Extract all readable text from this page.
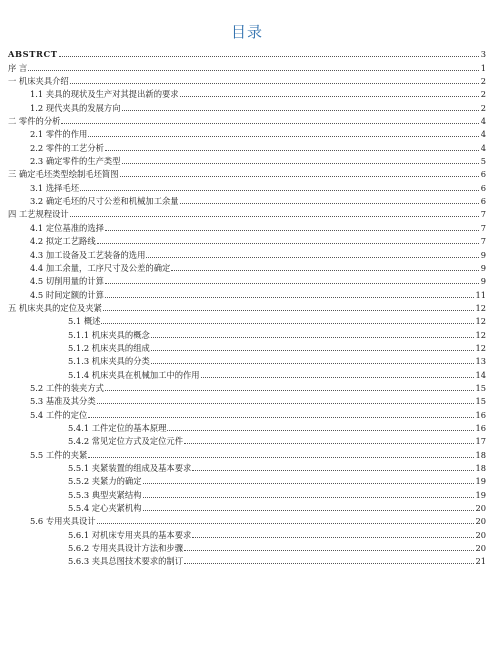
目录
ABSTRCT	3
序 言	1
一 机床夹具介绍	2
1.1 夹具的现状及生产对其提出新的要求	2
1.2 现代夹具的发展方向	2
二 零件的分析	4
2.1 零件的作用	4
2.2 零件的工艺分析	4
2.3 确定零件的生产类型	5
三 确定毛坯类型绘制毛坯简图	6
3.1 选择毛坯	6
3.2 确定毛坯的尺寸公差和机械加工余量	6
四 工艺规程设计	7
4.1 定位基准的选择	7
4.2 拟定工艺路线	7
4.3 加工设备及工艺装备的选用	9
4.4 加工余量，工序尺寸及公差的确定	9
4.5 切削用量的计算	9
4.5 时间定额的计算	11
五 机床夹具的定位及夹紧	12
5.1 概述	12
5.1.1 机床夹具的概念	12
5.1.2 机床夹具的组成	12
5.1.3 机床夹具的分类	13
5.1.4 机床夹具在机械加工中的作用	14
5.2 工件的装夹方式	15
5.3 基准及其分类	15
5.4 工件的定位	16
5.4.1 工件定位的基本原理	16
5.4.2 常见定位方式及定位元件	17
5.5 工件的夹紧	18
5.5.1 夹紧装置的组成及基本要求	18
5.5.2 夹紧力的确定	19
5.5.3 典型夹紧结构	19
5.5.4 定心夹紧机构	20
5.6 专用夹具设计	20
5.6.1 对机床专用夹具的基本要求	20
5.6.2 专用夹具设计方法和步骤	20
5.6.3 夹具总图技术要求的制订	21
